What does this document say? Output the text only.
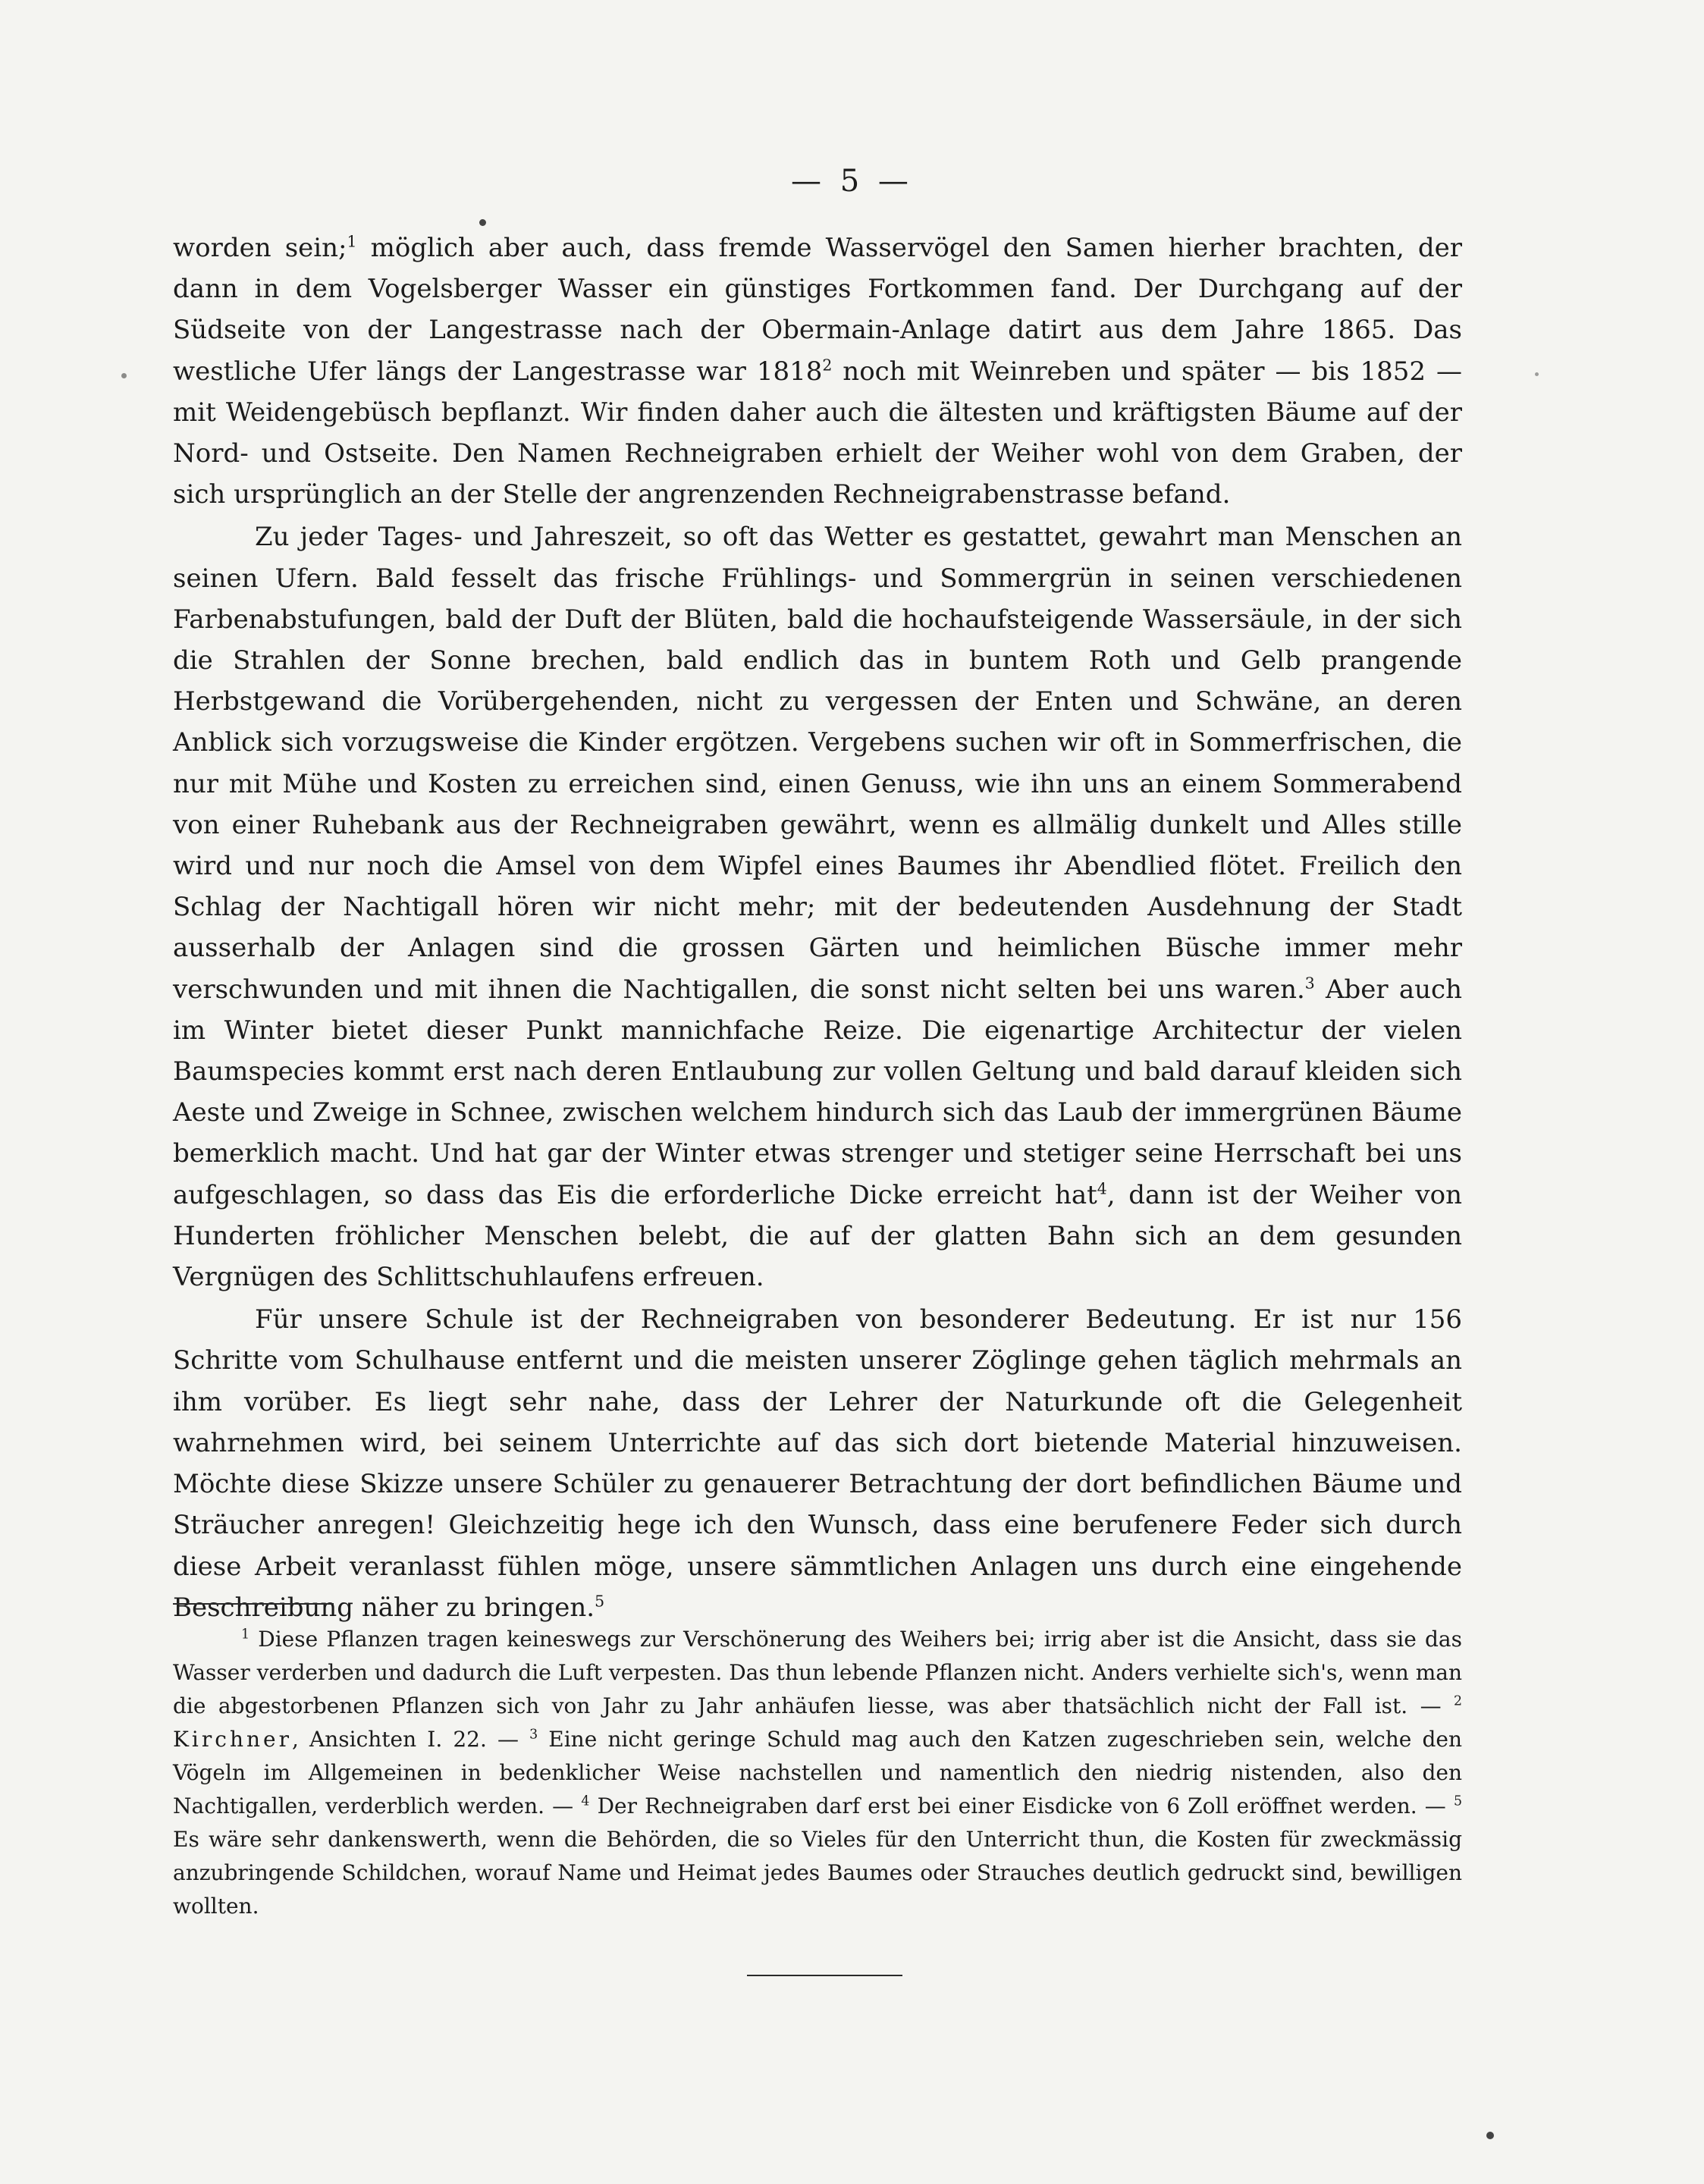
— 5 —

worden sein;$^1$ möglich aber auch, dass fremde Wasservögel den Samen hierher brachten, der dann in dem Vogelsberger Wasser ein günstiges Fortkommen fand. Der Durchgang auf der Südseite von der Langestrasse nach der Obermain-Anlage datirt aus dem Jahre 1865. Das westliche Ufer längs der Langestrasse war 1818$^2$ noch mit Weinreben und später — bis 1852 — mit Weidengebüsch bepflanzt. Wir finden daher auch die ältesten und kräftigsten Bäume auf der Nord- und Ostseite. Den Namen Rechneigraben erhielt der Weiher wohl von dem Graben, der sich ursprünglich an der Stelle der angrenzenden Rechneigrabenstrasse befand.

Zu jeder Tages- und Jahreszeit, so oft das Wetter es gestattet, gewahrt man Menschen an seinen Ufern. Bald fesselt das frische Frühlings- und Sommergrün in seinen verschiedenen Farbenabstufungen, bald der Duft der Blüten, bald die hochaufsteigende Wassersäule, in der sich die Strahlen der Sonne brechen, bald endlich das in buntem Roth und Gelb prangende Herbstgewand die Vorübergehenden, nicht zu vergessen der Enten und Schwäne, an deren Anblick sich vorzugsweise die Kinder ergötzen. Vergebens suchen wir oft in Sommerfrischen, die nur mit Mühe und Kosten zu erreichen sind, einen Genuss, wie ihn uns an einem Sommerabend von einer Ruhebank aus der Rechneigraben gewährt, wenn es allmälig dunkelt und Alles stille wird und nur noch die Amsel von dem Wipfel eines Baumes ihr Abendlied flötet. Freilich den Schlag der Nachtigall hören wir nicht mehr; mit der bedeutenden Ausdehnung der Stadt ausserhalb der Anlagen sind die grossen Gärten und heimlichen Büsche immer mehr verschwunden und mit ihnen die Nachtigallen, die sonst nicht selten bei uns waren.$^3$ Aber auch im Winter bietet dieser Punkt mannichfache Reize. Die eigenartige Architectur der vielen Baumspecies kommt erst nach deren Entlaubung zur vollen Geltung und bald darauf kleiden sich Aeste und Zweige in Schnee, zwischen welchem hindurch sich das Laub der immergrünen Bäume bemerklich macht. Und hat gar der Winter etwas strenger und stetiger seine Herrschaft bei uns aufgeschlagen, so dass das Eis die erforderliche Dicke erreicht hat$^4$, dann ist der Weiher von Hunderten fröhlicher Menschen belebt, die auf der glatten Bahn sich an dem gesunden Vergnügen des Schlittschuhlaufens erfreuen.

Für unsere Schule ist der Rechneigraben von besonderer Bedeutung. Er ist nur 156 Schritte vom Schulhause entfernt und die meisten unserer Zöglinge gehen täglich mehrmals an ihm vorüber. Es liegt sehr nahe, dass der Lehrer der Naturkunde oft die Gelegenheit wahrnehmen wird, bei seinem Unterrichte auf das sich dort bietende Material hinzuweisen. Möchte diese Skizze unsere Schüler zu genauerer Betrachtung der dort befindlichen Bäume und Sträucher anregen! Gleichzeitig hege ich den Wunsch, dass eine berufenere Feder sich durch diese Arbeit veranlasst fühlen möge, unsere sämmtlichen Anlagen uns durch eine eingehende Beschreibung näher zu bringen.$^5$

$^1$ Diese Pflanzen tragen keineswegs zur Verschönerung des Weihers bei; irrig aber ist die Ansicht, dass sie das Wasser verderben und dadurch die Luft verpesten. Das thun lebende Pflanzen nicht. Anders verhielte sich's, wenn man die abgestorbenen Pflanzen sich von Jahr zu Jahr anhäufen liesse, was aber thatsächlich nicht der Fall ist. — $^2$ Kirchner, Ansichten I. 22. — $^3$ Eine nicht geringe Schuld mag auch den Katzen zugeschrieben sein, welche den Vögeln im Allgemeinen in bedenklicher Weise nachstellen und namentlich den niedrig nistenden, also den Nachtigallen, verderblich werden. — $^4$ Der Rechneigraben darf erst bei einer Eisdicke von 6 Zoll eröffnet werden. — $^5$ Es wäre sehr dankenswerth, wenn die Behörden, die so Vieles für den Unterricht thun, die Kosten für zweckmässig anzubringende Schildchen, worauf Name und Heimat jedes Baumes oder Strauches deutlich gedruckt sind, bewilligen wollten.
